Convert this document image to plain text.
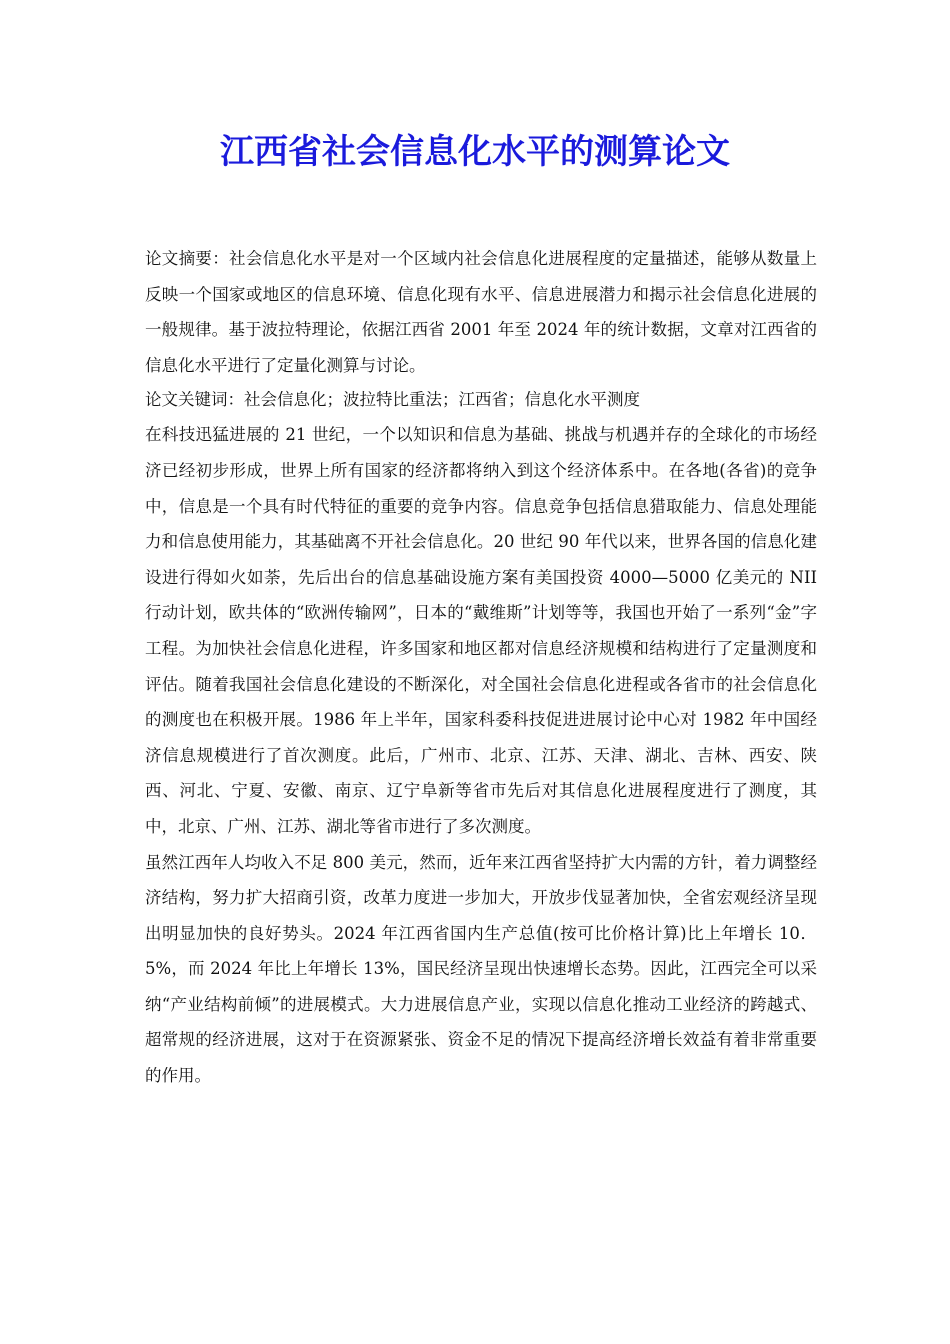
江西省社会信息化水平的测算论文

论文摘要：社会信息化水平是对一个区域内社会信息化进展程度的定量描述，能够从数量上反映一个国家或地区的信息环境、信息化现有水平、信息进展潜力和揭示社会信息化进展的一般规律。基于波拉特理论，依据江西省 2001 年至 2024 年的统计数据，文章对江西省的信息化水平进行了定量化测算与讨论。

论文关键词：社会信息化；波拉特比重法；江西省；信息化水平测度

在科技迅猛进展的 21 世纪，一个以知识和信息为基础、挑战与机遇并存的全球化的市场经济已经初步形成，世界上所有国家的经济都将纳入到这个经济体系中。在各地(各省)的竞争中，信息是一个具有时代特征的重要的竞争内容。信息竞争包括信息猎取能力、信息处理能力和信息使用能力，其基础离不开社会信息化。20 世纪 90 年代以来，世界各国的信息化建设进行得如火如荼，先后出台的信息基础设施方案有美国投资 4000—5000 亿美元的 NII 行动计划，欧共体的“欧洲传输网”，日本的“戴维斯”计划等等，我国也开始了一系列“金”字工程。为加快社会信息化进程，许多国家和地区都对信息经济规模和结构进行了定量测度和评估。随着我国社会信息化建设的不断深化，对全国社会信息化进程或各省市的社会信息化的测度也在积极开展。1986 年上半年，国家科委科技促进进展讨论中心对 1982 年中国经济信息规模进行了首次测度。此后，广州市、北京、江苏、天津、湖北、吉林、西安、陕西、河北、宁夏、安徽、南京、辽宁阜新等省市先后对其信息化进展程度进行了测度，其中，北京、广州、江苏、湖北等省市进行了多次测度。

虽然江西年人均收入不足 800 美元，然而，近年来江西省坚持扩大内需的方针，着力调整经济结构，努力扩大招商引资，改革力度进一步加大，开放步伐显著加快，全省宏观经济呈现出明显加快的良好势头。2024 年江西省国内生产总值(按可比价格计算)比上年增长 10．5%，而 2024 年比上年增长 13%，国民经济呈现出快速增长态势。因此，江西完全可以采纳“产业结构前倾”的进展模式。大力进展信息产业，实现以信息化推动工业经济的跨越式、超常规的经济进展，这对于在资源紧张、资金不足的情况下提高经济增长效益有着非常重要的作用。
